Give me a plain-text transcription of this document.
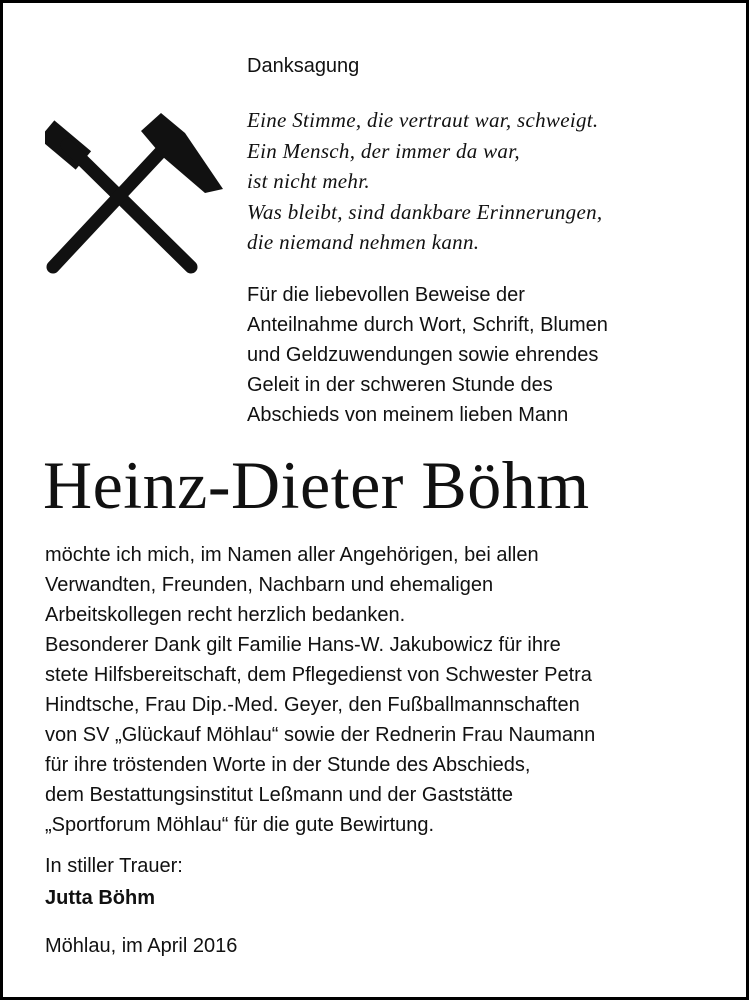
Danksagung
Eine Stimme, die vertraut war, schweigt.
Ein Mensch, der immer da war,
ist nicht mehr.
Was bleibt, sind dankbare Erinnerungen,
die niemand nehmen kann.
Für die liebevollen Beweise der
Anteilnahme durch Wort, Schrift, Blumen
und Geldzuwendungen sowie ehrendes
Geleit in der schweren Stunde des
Abschieds von meinem lieben Mann
Heinz-Dieter Böhm
möchte ich mich, im Namen aller Angehörigen, bei allen
Verwandten, Freunden, Nachbarn und ehemaligen
Arbeitskollegen recht herzlich bedanken.
Besonderer Dank gilt Familie Hans-W. Jakubowicz für ihre
stete Hilfsbereitschaft, dem Pflegedienst von Schwester Petra
Hindtsche, Frau Dip.-Med. Geyer, den Fußballmannschaften
von SV „Glückauf Möhlau“ sowie der Rednerin Frau Naumann
für ihre tröstenden Worte in der Stunde des Abschieds,
dem Bestattungsinstitut Leßmann und der Gaststätte
„Sportforum Möhlau“ für die gute Bewirtung.
In stiller Trauer:
Jutta Böhm
Möhlau, im April 2016
